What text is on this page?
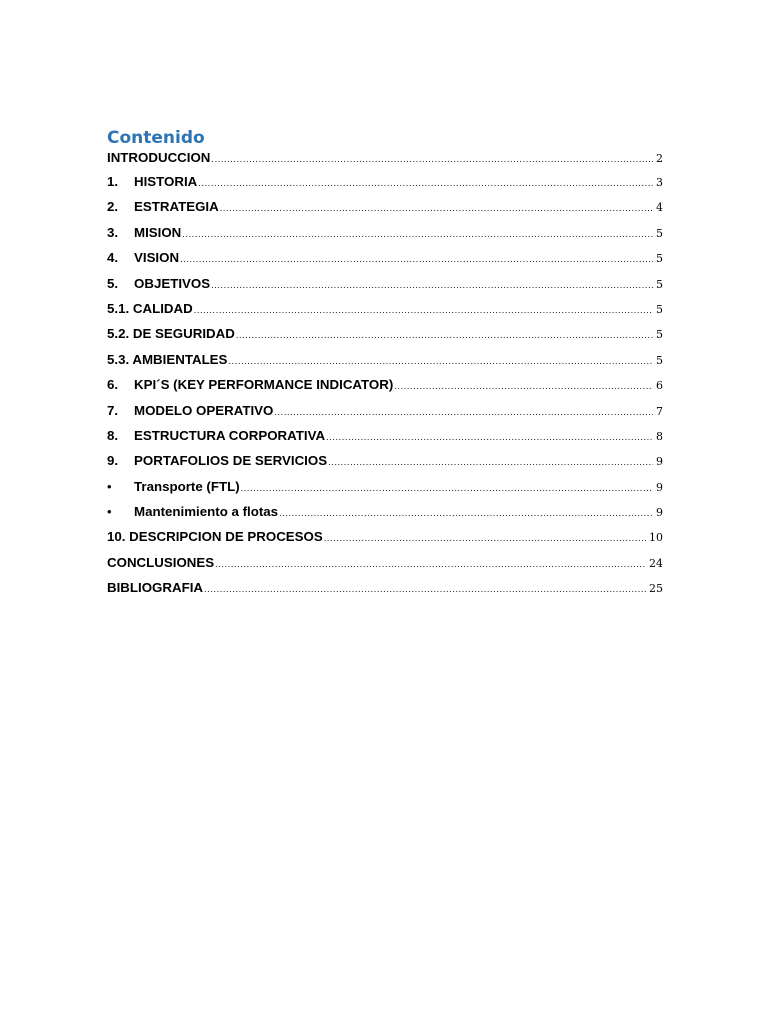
Contenido
INTRODUCCION .....	2
1.	HISTORIA .....	3
2.	ESTRATEGIA .....	4
3.	MISION .....	5
4.	VISION .....	5
5.	OBJETIVOS .....	5
5.1. CALIDAD .....	5
5.2. DE SEGURIDAD .....	5
5.3. AMBIENTALES .....	5
6.	KPI´S (KEY PERFORMANCE INDICATOR) .....	6
7.	MODELO OPERATIVO .....	7
8.	ESTRUCTURA CORPORATIVA .....	8
9.	PORTAFOLIOS DE SERVICIOS .....	9
•	Transporte (FTL) .....	9
•	Mantenimiento a flotas .....	9
10. DESCRIPCION DE PROCESOS .....	10
CONCLUSIONES .....	24
BIBLIOGRAFIA .....	25
